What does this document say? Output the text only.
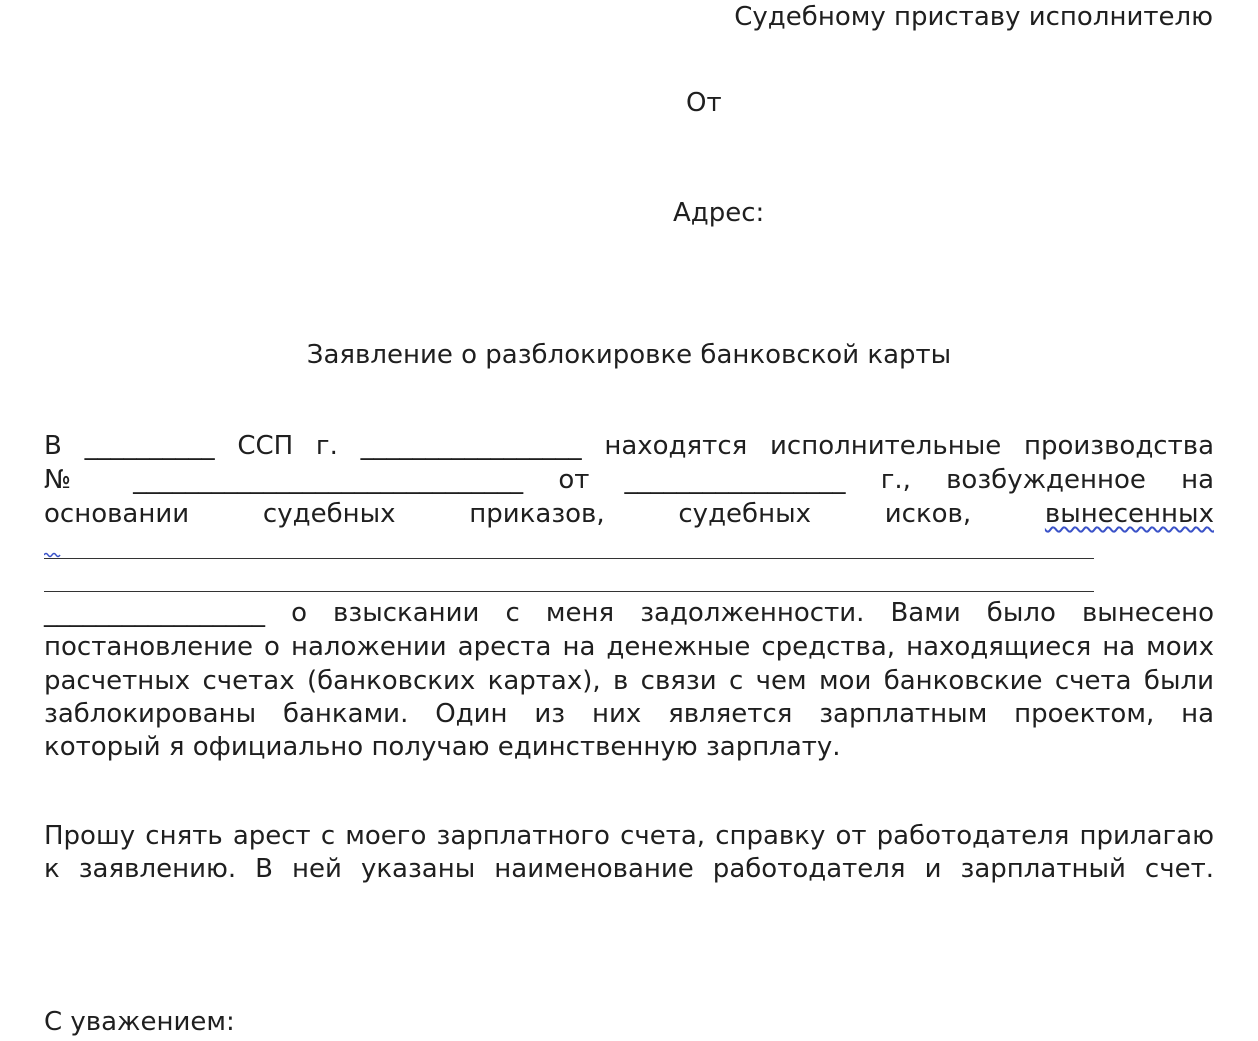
Судебному приставу исполнителю
От
Адрес:
Заявление о разблокировке банковской карты
В __________ ССП г. _________________ находятся исполнительные производства
№ ______________________________ от _________________ г., возбужденное на
основании	судебных	приказов,	судебных	исков,	вынесенных
_________________ о взыскании с меня задолженности. Вами было вынесено
постановление о наложении ареста на денежные средства, находящиеся на моих
расчетных счетах (банковских картах), в связи с чем мои банковские счета были
заблокированы банками. Один из них является зарплатным проектом, на
который я официально получаю единственную зарплату.
Прошу снять арест с моего зарплатного счета, справку от работодателя прилагаю
к заявлению. В ней указаны наименование работодателя и зарплатный счет.
С уважением:
